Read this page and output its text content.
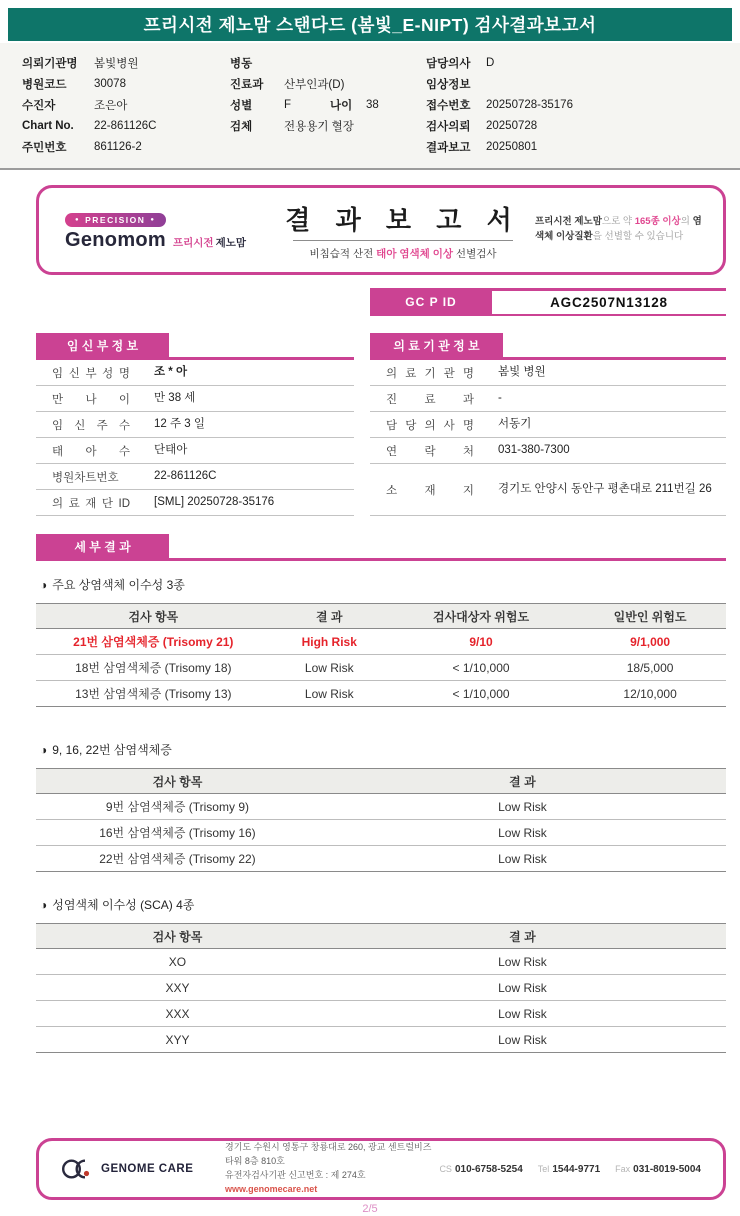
프리시전 제노맘 스탠다드 (봄빛_E-NIPT) 검사결과보고서
의뢰기관명	봄빛병원
병원코드	30078
수진자	조은아
Chart No.	22-861126C
주민번호	861126-2
병동
진료과	산부인과(D)
성별	F	나이	38
검체	전용용기 혈장
담당의사	D
임상정보
접수번호	20250728-35176
검사의뢰	20250728
결과보고	20250801
● PRECISION ●
Genomom 프리시전 제노맘
결 과 보 고 서
비침습적 산전 태아 염색체 이상 선별검사
프리시전 제노맘으로 약 165종 이상의 염색체 이상질환을 선별할 수 있습니다
GC P ID	AGC2507N13128
임 신 부 정 보
임 신 부 성 명	조 * 아
만 나 이	만 38 세
임 신 주 수	12 주 3 일
태 아 수	단태아
병원차트번호	22-861126C
의 료 재 단 ID	[SML] 20250728-35176
의 료 기 관 정 보
의 료 기 관 명	봄빛 병원
진 료 과	-
담 당 의 사 명	서동기
연 락 처	031-380-7300
소 재 지	경기도 안양시 동안구 평촌대로 211번길 26
세 부 결 과
◑ 주요 상염색체 이수성 3종
검사 항목	결 과	검사대상자 위험도	일반인 위험도
21번 삼염색체증 (Trisomy 21)	High Risk	9/10	9/1,000
18번 삼염색체증 (Trisomy 18)	Low Risk	< 1/10,000	18/5,000
13번 삼염색체증 (Trisomy 13)	Low Risk	< 1/10,000	12/10,000
◑ 9, 16, 22번 삼염색체증
검사 항목	결 과
9번 삼염색체증 (Trisomy 9)	Low Risk
16번 삼염색체증 (Trisomy 16)	Low Risk
22번 삼염색체증 (Trisomy 22)	Low Risk
◑ 성염색체 이수성 (SCA) 4종
검사 항목	결 과
XO	Low Risk
XXY	Low Risk
XXX	Low Risk
XYY	Low Risk
GENOME CARE
경기도 수원시 영통구 창룡대로 260, 광교 센트럴비즈타워 8층 810호
유전자검사기관 신고번호 : 제 274호
www.genomecare.net
CS 010-6758-5254 Tel 1544-9771 Fax 031-8019-5004
2/5
